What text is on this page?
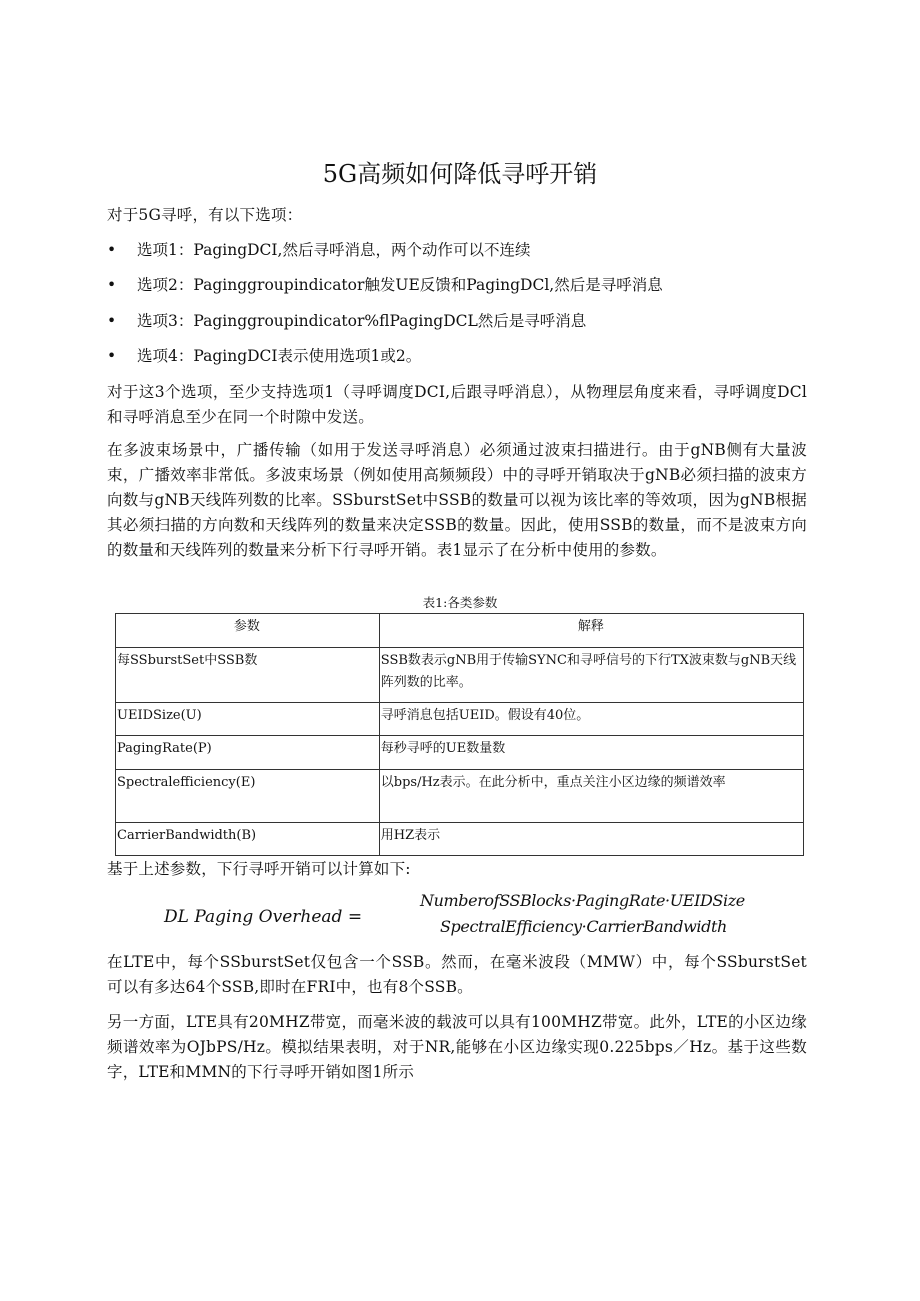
5G高频如何降低寻呼开销

对于5G寻呼，有以下选项：

• 选项1：PagingDCI,然后寻呼消息，两个动作可以不连续

• 选项2：Paginggroupindicator触发UE反馈和PagingDCl,然后是寻呼消息

• 选项3：Paginggroupindicator%flPagingDCL然后是寻呼消息

• 选项4：PagingDCI表示使用选项1或2。

对于这3个选项，至少支持选项1（寻呼调度DCI,后跟寻呼消息），从物理层角度来看，寻呼调度DCl和寻呼消息至少在同一个时隙中发送。

在多波束场景中，广播传输（如用于发送寻呼消息）必须通过波束扫描进行。由于gNB侧有大量波束，广播效率非常低。多波束场景（例如使用高频频段）中的寻呼开销取决于gNB必须扫描的波束方向数与gNB天线阵列数的比率。SSburstSet中SSB的数量可以视为该比率的等效项，因为gNB根据其必须扫描的方向数和天线阵列的数量来决定SSB的数量。因此，使用SSB的数量，而不是波束方向的数量和天线阵列的数量来分析下行寻呼开销。表1显示了在分析中使用的参数。

表1:各类参数
参数	解释
每SSburstSet中SSB数	SSB数表示gNB用于传输SYNC和寻呼信号的下行TX波束数与gNB天线阵列数的比率。
UEIDSize(U)	寻呼消息包括UEID。假设有40位。
PagingRate(P)	每秒寻呼的UE数量数
Spectralefficiency(E)	以bps/Hz表示。在此分析中，重点关注小区边缘的频谱效率
CarrierBandwidth(B)	用HZ表示

基于上述参数，下行寻呼开销可以计算如下:

DL Paging Overhead =
NumberofSSBlocks·PagingRate·UEIDSize
SpectralEfficiency·CarrierBandwidth

在LTE中，每个SSburstSet仅包含一个SSB。然而，在毫米波段（MMW）中，每个SSburstSet可以有多达64个SSB,即时在FRI中，也有8个SSB。

另一方面，LTE具有20MHZ带宽，而毫米波的载波可以具有100MHZ带宽。此外，LTE的小区边缘频谱效率为OJbPS/Hz。模拟结果表明，对于NR,能够在小区边缘实现0.225bps／Hz。基于这些数字，LTE和MMN的下行寻呼开销如图1所示
